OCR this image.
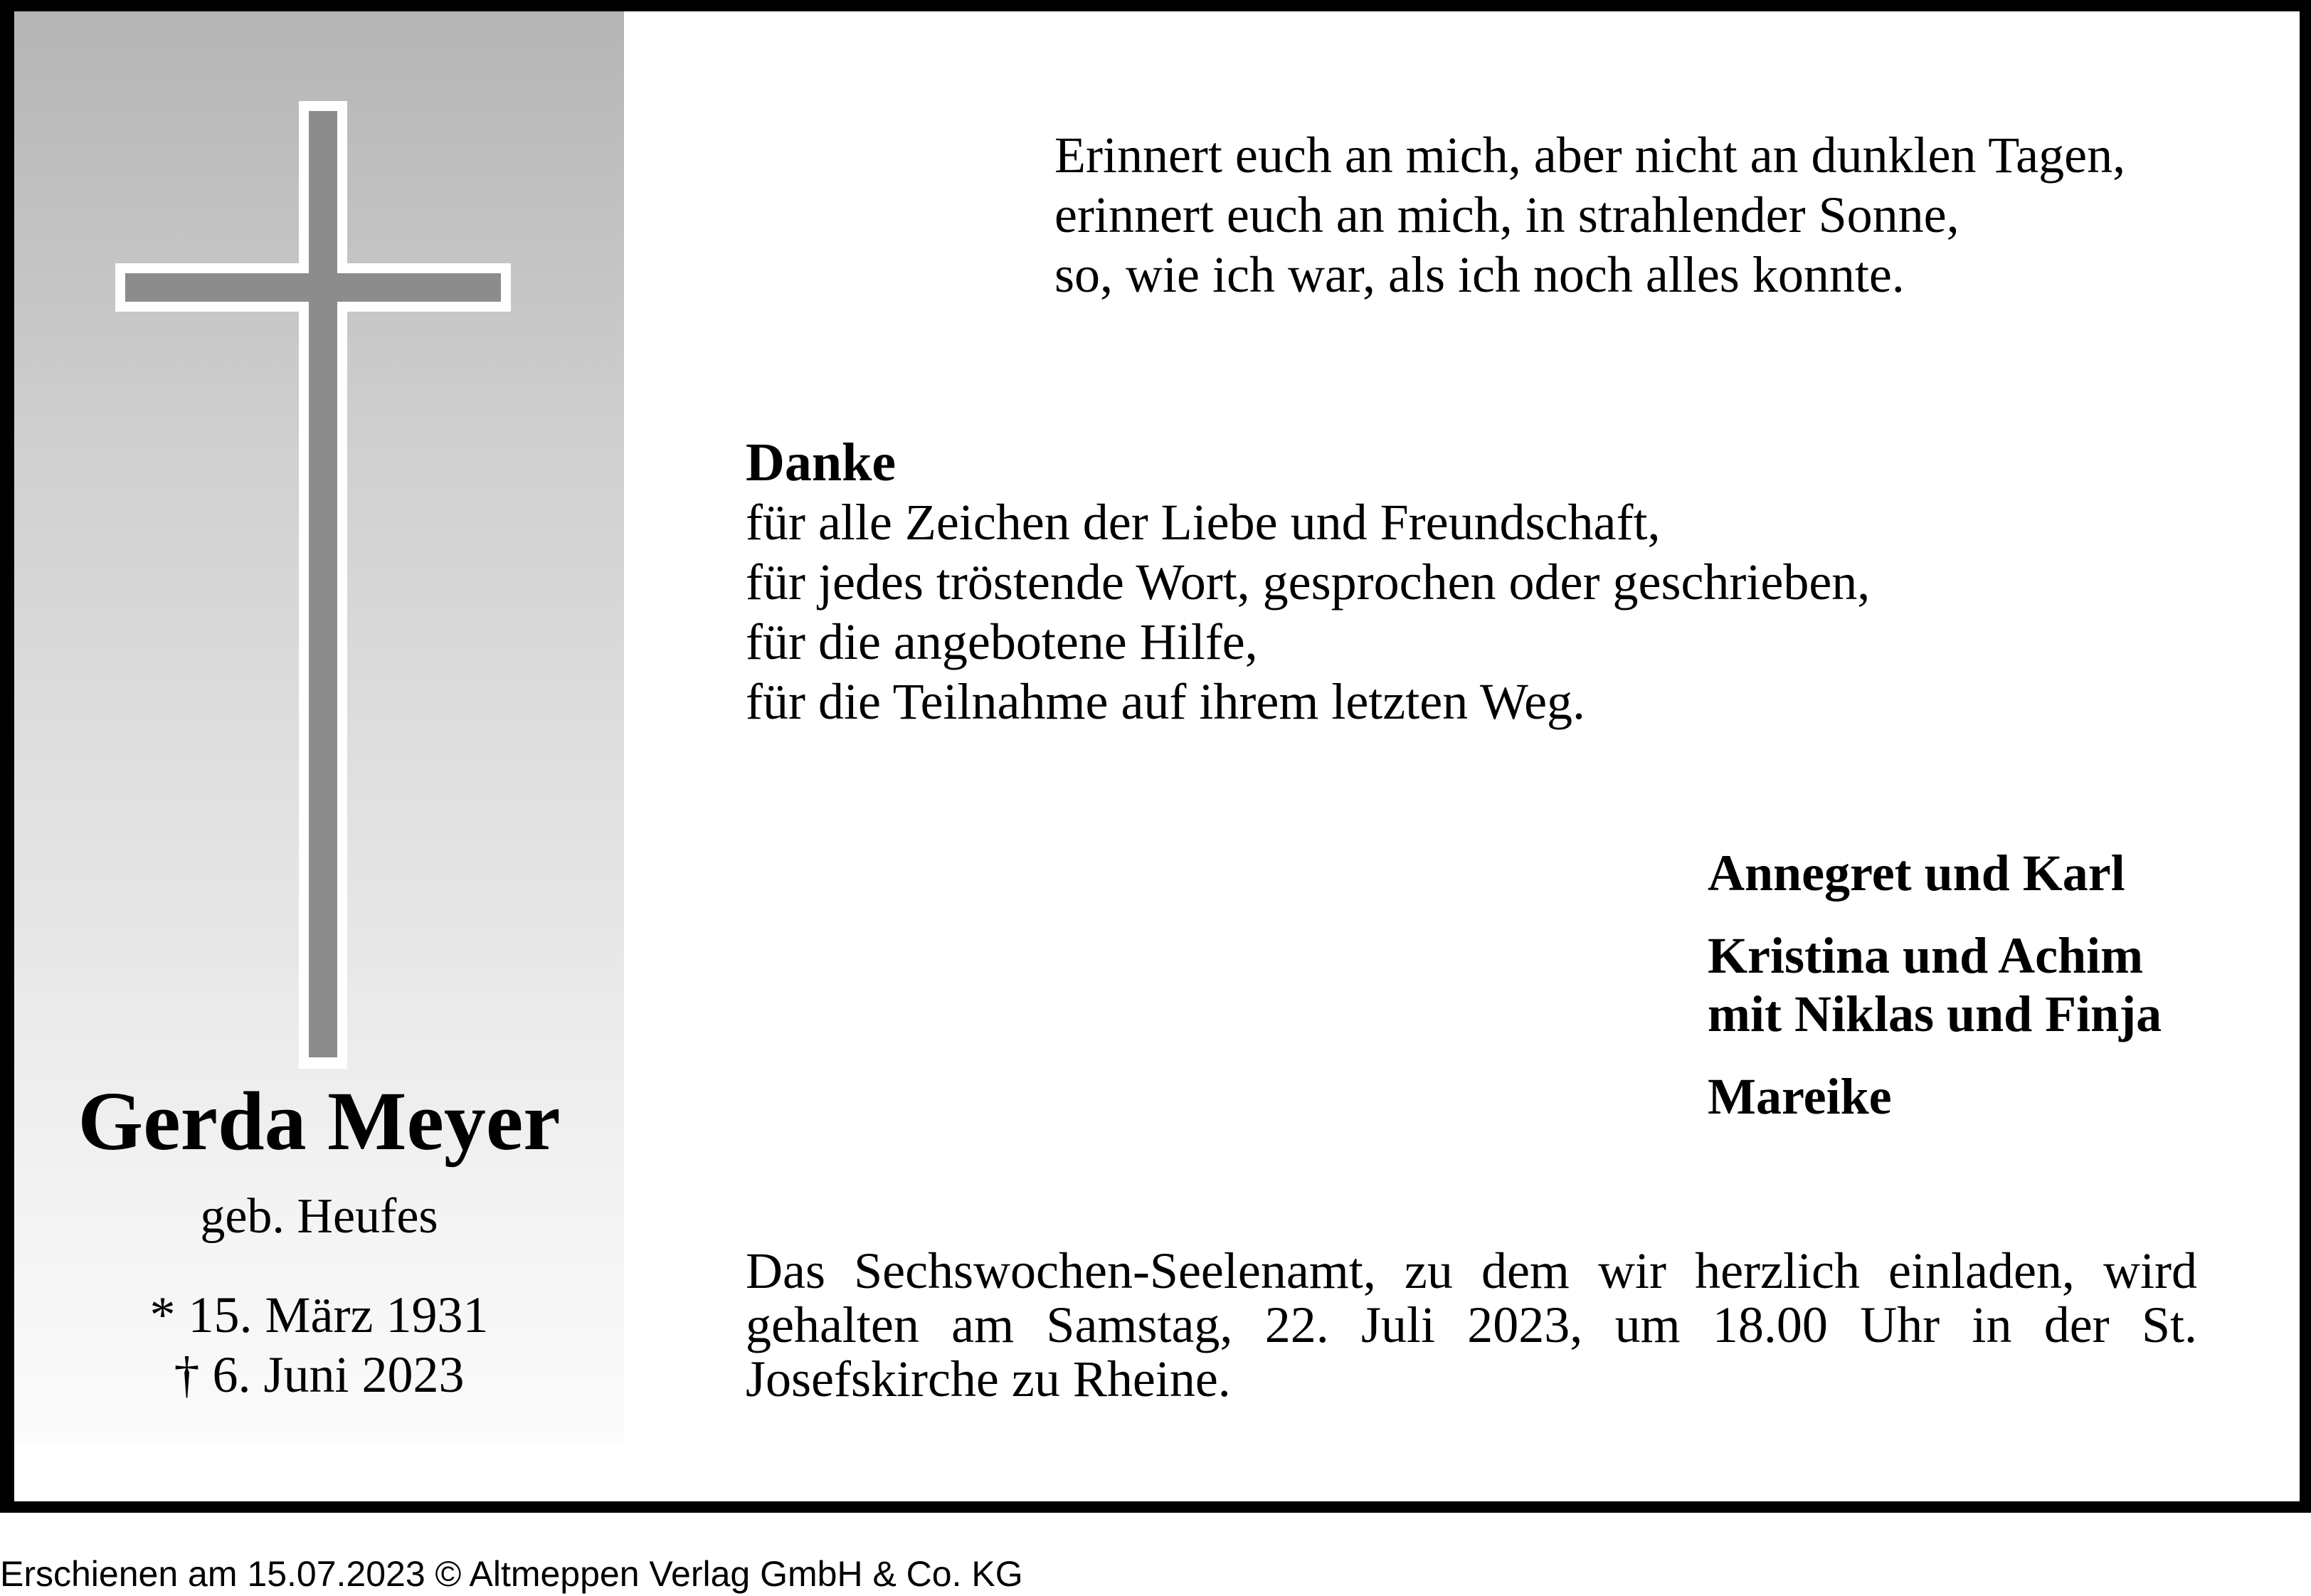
Gerda Meyer
geb. Heufes
* 15. März 1931
† 6. Juni 2023
Erinnert euch an mich, aber nicht an dunklen Tagen,
erinnert euch an mich, in strahlender Sonne,
so, wie ich war, als ich noch alles konnte.
Danke
für alle Zeichen der Liebe und Freundschaft,
für jedes tröstende Wort, gesprochen oder geschrieben,
für die angebotene Hilfe,
für die Teilnahme auf ihrem letzten Weg.
Annegret und Karl
Kristina und Achim
mit Niklas und Finja
Mareike
Das Sechswochen-Seelenamt, zu dem wir herzlich einladen, wird gehalten am Samstag, 22. Juli 2023, um 18.00 Uhr in der St. Josefskirche zu Rheine.
Erschienen am 15.07.2023 © Altmeppen Verlag GmbH & Co. KG
